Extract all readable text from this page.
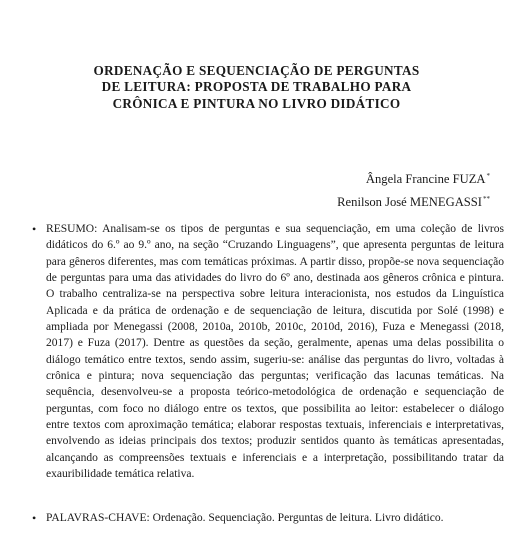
ORDENAÇÃO E SEQUENCIAÇÃO DE PERGUNTAS
DE LEITURA: PROPOSTA DE TRABALHO PARA
CRÔNICA E PINTURA NO LIVRO DIDÁTICO
Ângela Francine FUZA*
Renilson José MENEGASSI**
• RESUMO: Analisam-se os tipos de perguntas e sua sequenciação, em uma coleção de livros didáticos do 6.º ao 9.º ano, na seção “Cruzando Linguagens”, que apresenta perguntas de leitura para gêneros diferentes, mas com temáticas próximas. A partir disso, propõe-se nova sequenciação de perguntas para uma das atividades do livro do 6º ano, destinada aos gêneros crônica e pintura. O trabalho centraliza-se na perspectiva sobre leitura interacionista, nos estudos da Linguística Aplicada e da prática de ordenação e de sequenciação de leitura, discutida por Solé (1998) e ampliada por Menegassi (2008, 2010a, 2010b, 2010c, 2010d, 2016), Fuza e Menegassi (2018, 2017) e Fuza (2017). Dentre as questões da seção, geralmente, apenas uma delas possibilita o diálogo temático entre textos, sendo assim, sugeriu-se: análise das perguntas do livro, voltadas à crônica e pintura; nova sequenciação das perguntas; verificação das lacunas temáticas. Na sequência, desenvolveu-se a proposta teórico-metodológica de ordenação e sequenciação de perguntas, com foco no diálogo entre os textos, que possibilita ao leitor: estabelecer o diálogo entre textos com aproximação temática; elaborar respostas textuais, inferenciais e interpretativas, envolvendo as ideias principais dos textos; produzir sentidos quanto às temáticas apresentadas, alcançando as compreensões textuais e inferenciais e a interpretação, possibilitando tratar da exauribilidade temática relativa.

• PALAVRAS-CHAVE: Ordenação. Sequenciação. Perguntas de leitura. Livro didático.
